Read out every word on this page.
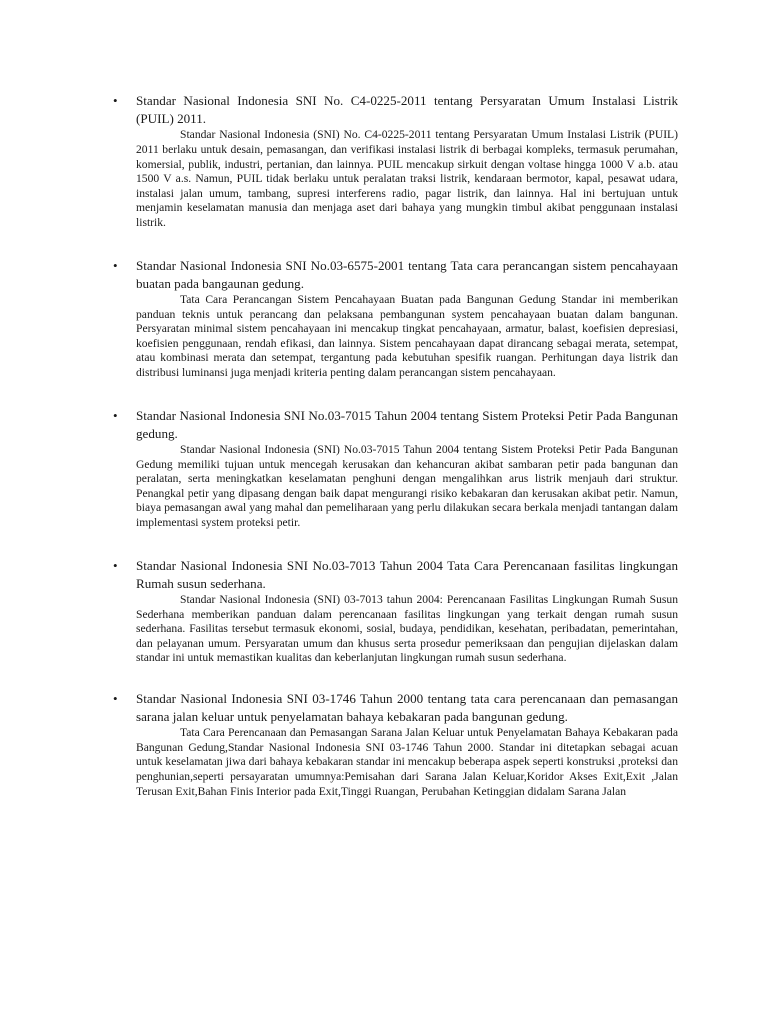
• Standar Nasional Indonesia SNI No. C4-0225-2011 tentang Persyaratan Umum Instalasi Listrik (PUIL) 2011.

Standar Nasional Indonesia (SNI) No. C4-0225-2011 tentang Persyaratan Umum Instalasi Listrik (PUIL) 2011 berlaku untuk desain, pemasangan, dan verifikasi instalasi listrik di berbagai kompleks, termasuk perumahan, komersial, publik, industri, pertanian, dan lainnya. PUIL mencakup sirkuit dengan voltase hingga 1000 V a.b. atau 1500 V a.s. Namun, PUIL tidak berlaku untuk peralatan traksi listrik, kendaraan bermotor, kapal, pesawat udara, instalasi jalan umum, tambang, supresi interferens radio, pagar listrik, dan lainnya. Hal ini bertujuan untuk menjamin keselamatan manusia dan menjaga aset dari bahaya yang mungkin timbul akibat penggunaan instalasi listrik.

• Standar Nasional Indonesia SNI No.03-6575-2001 tentang Tata cara perancangan sistem pencahayaan buatan pada bangaunan gedung.

Tata Cara Perancangan Sistem Pencahayaan Buatan pada Bangunan Gedung Standar ini memberikan panduan teknis untuk perancang dan pelaksana pembangunan system pencahayaan buatan dalam bangunan. Persyaratan minimal sistem pencahayaan ini mencakup tingkat pencahayaan, armatur, balast, koefisien depresiasi, koefisien penggunaan, rendah efikasi, dan lainnya. Sistem pencahayaan dapat dirancang sebagai merata, setempat, atau kombinasi merata dan setempat, tergantung pada kebutuhan spesifik ruangan. Perhitungan daya listrik dan distribusi luminansi juga menjadi kriteria penting dalam perancangan sistem pencahayaan.

• Standar Nasional Indonesia SNI No.03-7015 Tahun 2004 tentang Sistem Proteksi Petir Pada Bangunan gedung.

Standar Nasional Indonesia (SNI) No.03-7015 Tahun 2004 tentang Sistem Proteksi Petir Pada Bangunan Gedung memiliki tujuan untuk mencegah kerusakan dan kehancuran akibat sambaran petir pada bangunan dan peralatan, serta meningkatkan keselamatan penghuni dengan mengalihkan arus listrik menjauh dari struktur. Penangkal petir yang dipasang dengan baik dapat mengurangi risiko kebakaran dan kerusakan akibat petir. Namun, biaya pemasangan awal yang mahal dan pemeliharaan yang perlu dilakukan secara berkala menjadi tantangan dalam implementasi system proteksi petir.

• Standar Nasional Indonesia SNI No.03-7013 Tahun 2004 Tata Cara Perencanaan fasilitas lingkungan Rumah susun sederhana.

Standar Nasional Indonesia (SNI) 03-7013 tahun 2004: Perencanaan Fasilitas Lingkungan Rumah Susun Sederhana memberikan panduan dalam perencanaan fasilitas lingkungan yang terkait dengan rumah susun sederhana. Fasilitas tersebut termasuk ekonomi, sosial, budaya, pendidikan, kesehatan, peribadatan, pemerintahan, dan pelayanan umum. Persyaratan umum dan khusus serta prosedur pemeriksaan dan pengujian dijelaskan dalam standar ini untuk memastikan kualitas dan keberlanjutan lingkungan rumah susun sederhana.

• Standar Nasional Indonesia SNI 03-1746 Tahun 2000 tentang tata cara perencanaan dan pemasangan sarana jalan keluar untuk penyelamatan bahaya kebakaran pada bangunan gedung.

Tata Cara Perencanaan dan Pemasangan Sarana Jalan Keluar untuk Penyelamatan Bahaya Kebakaran pada Bangunan Gedung,Standar Nasional Indonesia SNI 03-1746 Tahun 2000. Standar ini ditetapkan sebagai acuan untuk keselamatan jiwa dari bahaya kebakaran standar ini mencakup beberapa aspek seperti konstruksi ,proteksi dan penghunian,seperti persayaratan umumnya:Pemisahan dari Sarana Jalan Keluar,Koridor Akses Exit,Exit ,Jalan Terusan Exit,Bahan Finis Interior pada Exit,Tinggi Ruangan, Perubahan Ketinggian didalam Sarana Jalan
